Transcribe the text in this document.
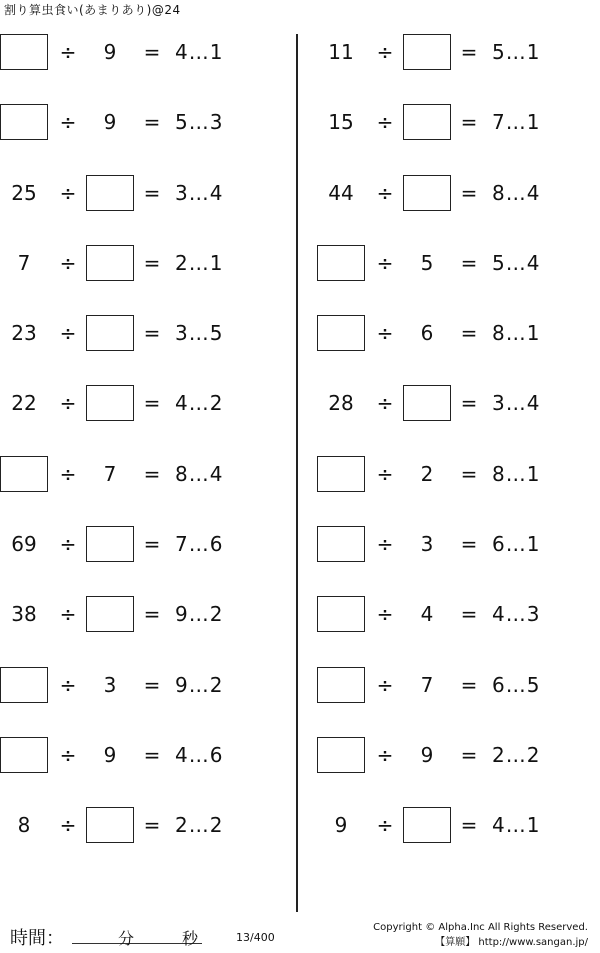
割り算虫食い(あまりあり)@24
÷	9	= 4…1
÷	9	= 5…3
25	÷	= 3…4
7	÷	= 2…1
23	÷	= 3…5
22	÷	= 4…2
÷	7	= 8…4
69	÷	= 7…6
38	÷	= 9…2
÷	3	= 9…2
÷	9	= 4…6
8	÷	= 2…2
11	÷	= 5…1
15	÷	= 7…1
44	÷	= 8…4
÷	5	= 5…4
÷	6	= 8…1
28	÷	= 3…4
÷	2	= 8…1
÷	3	= 6…1
÷	4	= 4…3
÷	7	= 6…5
÷	9	= 2…2
9	÷	= 4…1
時間：	分	秒	13/400
Copyright © Alpha.Inc All Rights Reserved.
【算願】 http://www.sangan.jp/
